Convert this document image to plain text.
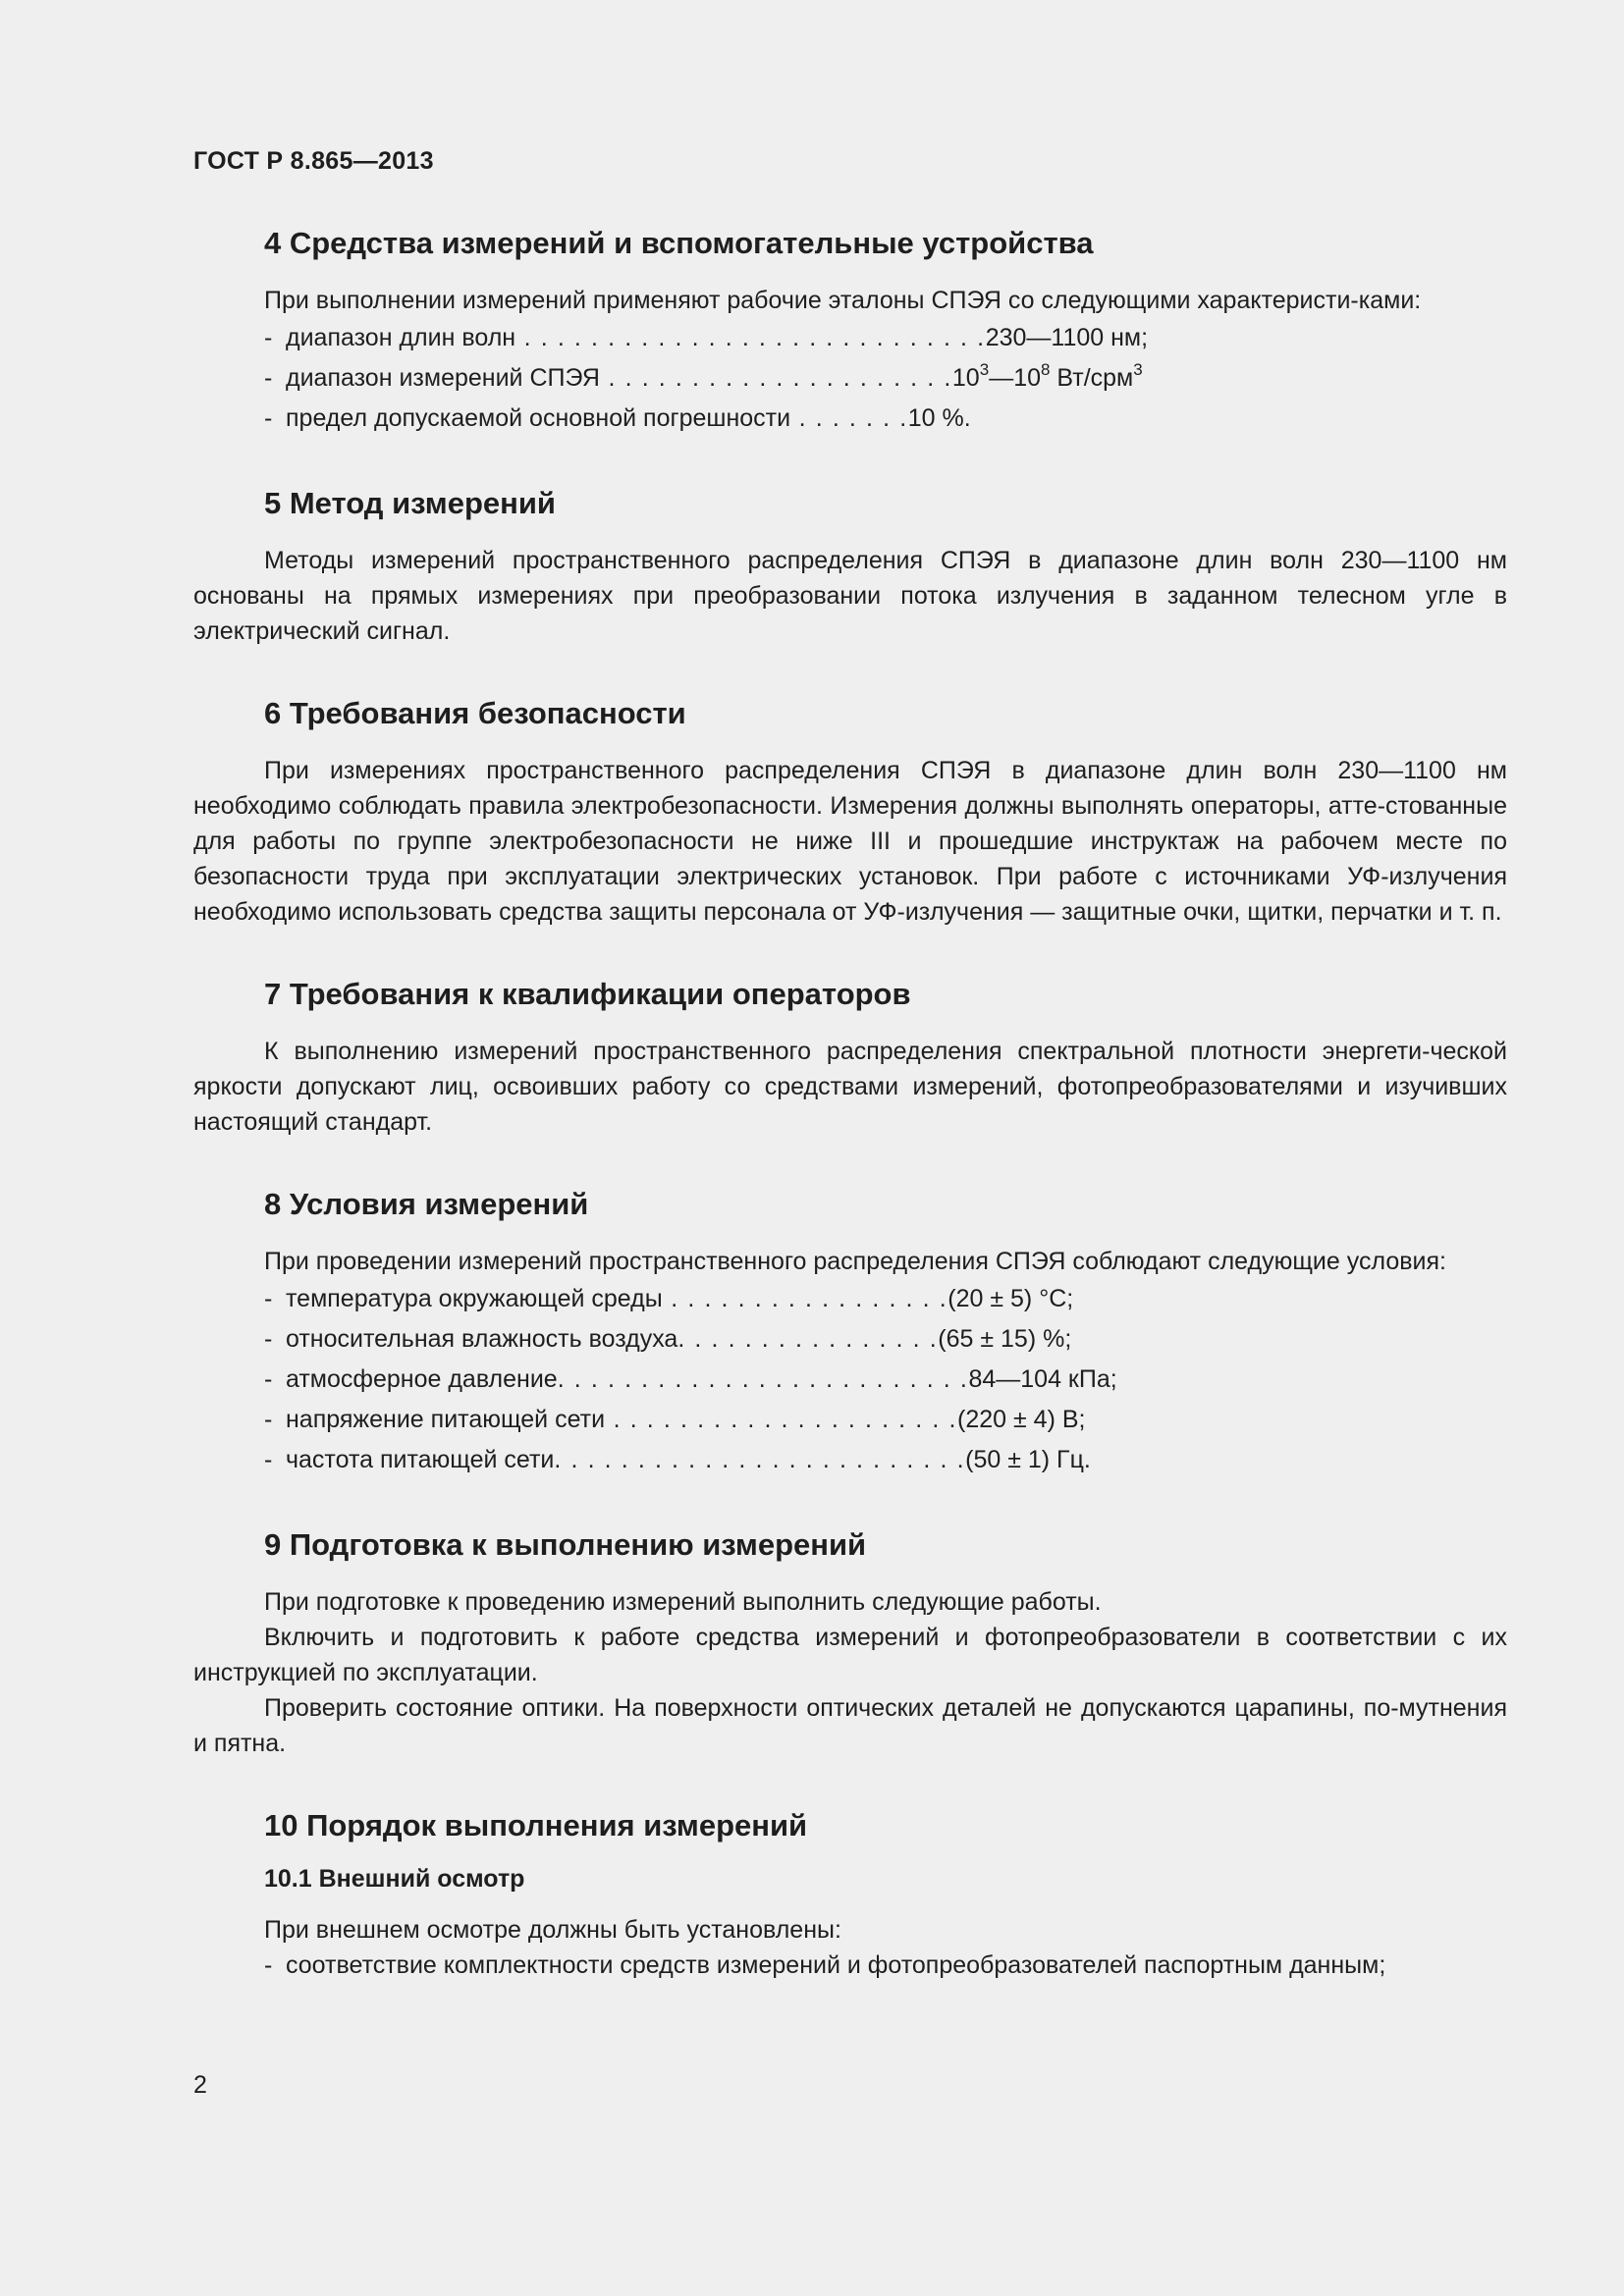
ГОСТ Р 8.865—2013
4 Средства измерений и вспомогательные устройства

При выполнении измерений применяют рабочие эталоны СПЭЯ со следующими характеристи-ками:

- диапазон длин волн . . . . . . . . . . . . . . . . . . . . . . . . . . . .230—1100 нм;
- диапазон измерений СПЭЯ . . . . . . . . . . . . . . . . . . . . $.10^3—10^8$ Вт/срм$^3$
- предел допускаемой основной погрешности . . . . . . .10 %.
5 Метод измерений

Методы измерений пространственного распределения СПЭЯ в диапазоне длин волн 230—1100 нм основаны на прямых измерениях при преобразовании потока излучения в заданном телесном угле в электрический сигнал.

6 Требования безопасности

При измерениях пространственного распределения СПЭЯ в диапазоне длин волн 230—1100 нм необходимо соблюдать правила электробезопасности. Измерения должны выполнять операторы, атте-стованные для работы по группе электробезопасности не ниже III и прошедшие инструктаж на рабочем месте по безопасности труда при эксплуатации электрических установок. При работе с источниками УФ-излучения необходимо использовать средства защиты персонала от УФ-излучения — защитные очки, щитки, перчатки и т. п.

7 Требования к квалификации операторов

К выполнению измерений пространственного распределения спектральной плотности энергети-ческой яркости допускают лиц, освоивших работу со средствами измерений, фотопреобразователями и изучивших настоящий стандарт.

8 Условия измерений

При проведении измерений пространственного распределения СПЭЯ соблюдают следующие условия:

- температура окружающей среды . . . . . . . . . . . . . . . . .(20 ± 5) °С;
- относительная влажность воздуха. . . . . . . . . . . . . . . .(65 ± 15) %;
- атмосферное давление. . . . . . . . . . . . . . . . . . . . . . . . .84—104 кПа;
- напряжение питающей сети . . . . . . . . . . . . . . . . . . . . .(220 ± 4) В;
- частота питающей сети. . . . . . . . . . . . . . . . . . . . . . . . .(50 ± 1) Гц.
9 Подготовка к выполнению измерений

При подготовке к проведению измерений выполнить следующие работы.

Включить и подготовить к работе средства измерений и фотопреобразователи в соответствии с их инструкцией по эксплуатации.

Проверить состояние оптики. На поверхности оптических деталей не допускаются царапины, по-мутнения и пятна.

10 Порядок выполнения измерений
10.1 Внешний осмотр

При внешнем осмотре должны быть установлены:

- соответствие комплектности средств измерений и фотопреобразователей паспортным данным;
2
